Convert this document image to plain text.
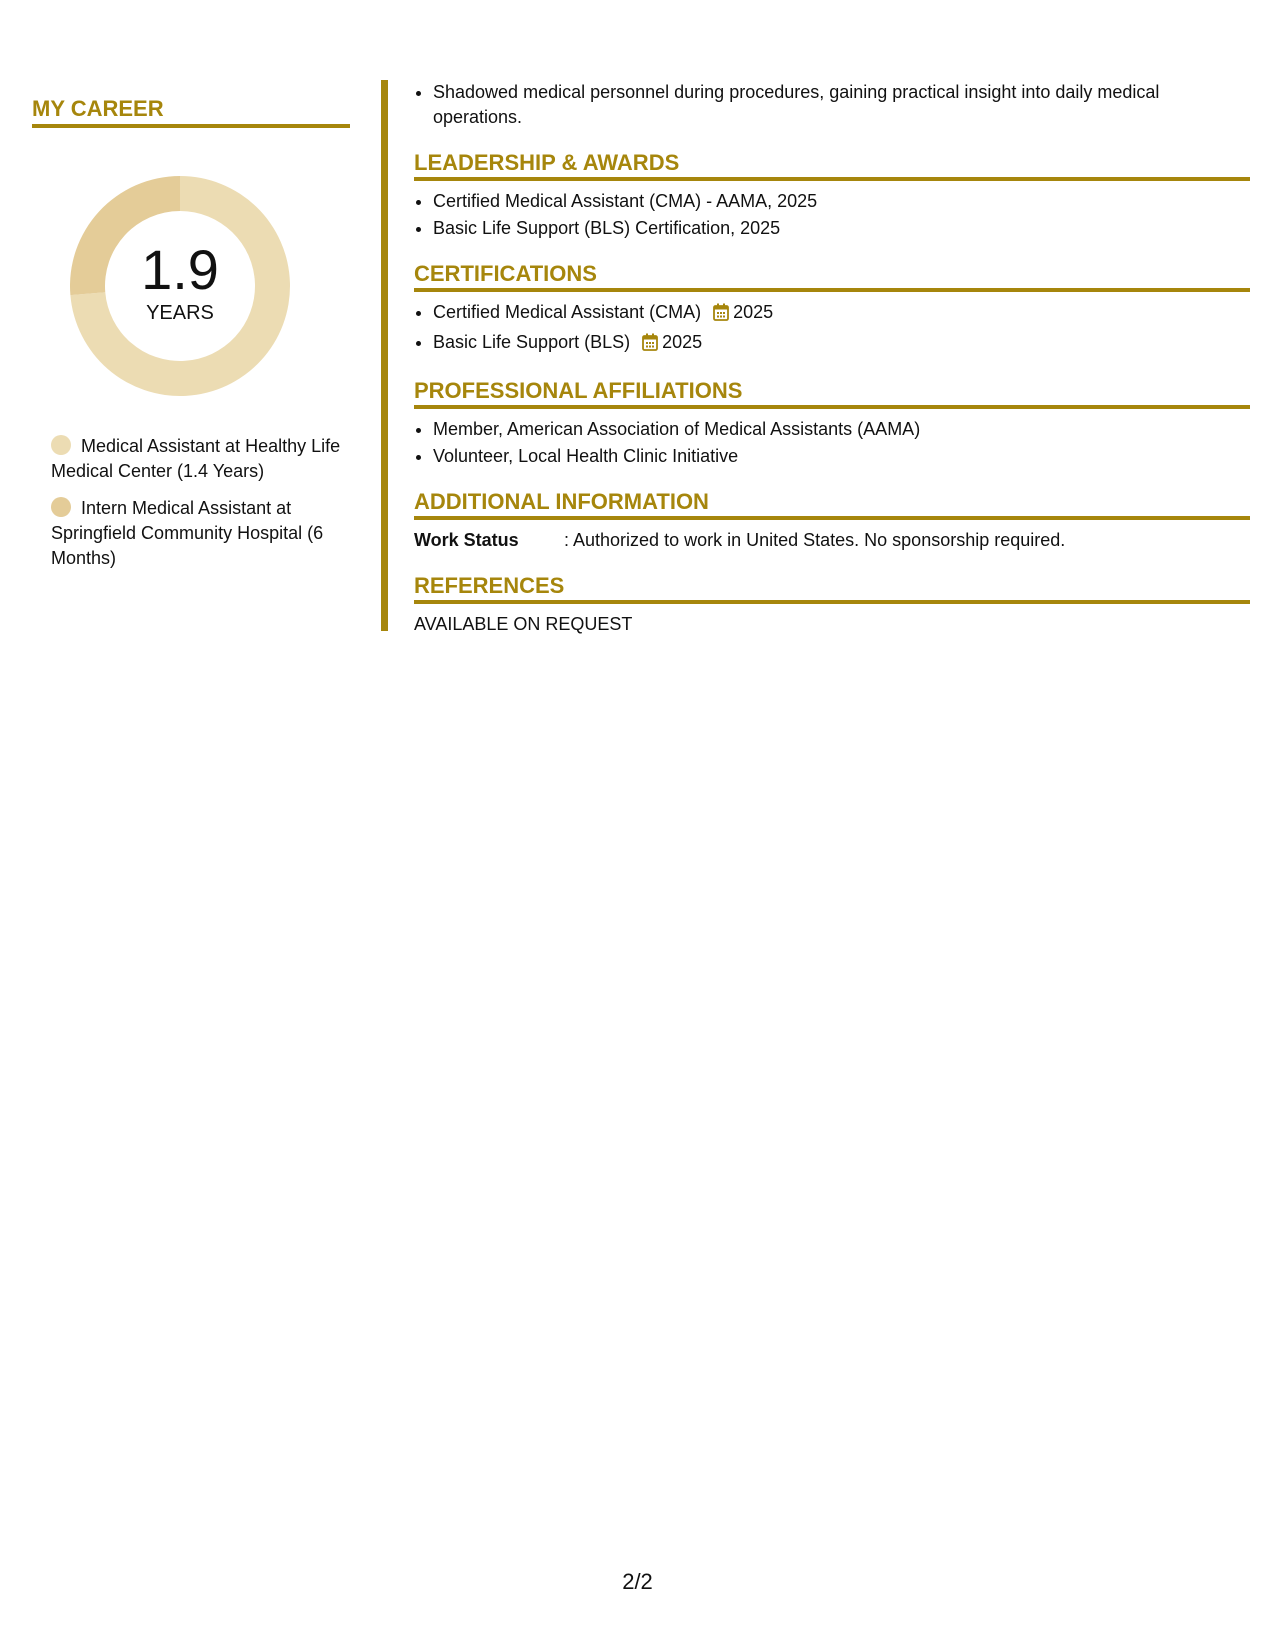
MY CAREER
1.9
YEARS
Medical Assistant at Healthy Life Medical Center (1.4 Years)
Intern Medical Assistant at Springfield Community Hospital (6 Months)
• Shadowed medical personnel during procedures, gaining practical insight into daily medical operations.
LEADERSHIP & AWARDS
• Certified Medical Assistant (CMA) - AAMA, 2025
• Basic Life Support (BLS) Certification, 2025
CERTIFICATIONS
• Certified Medical Assistant (CMA) 2025
• Basic Life Support (BLS) 2025
PROFESSIONAL AFFILIATIONS
• Member, American Association of Medical Assistants (AAMA)
• Volunteer, Local Health Clinic Initiative
ADDITIONAL INFORMATION
Work Status	: Authorized to work in United States. No sponsorship required.
REFERENCES
AVAILABLE ON REQUEST
2/2
